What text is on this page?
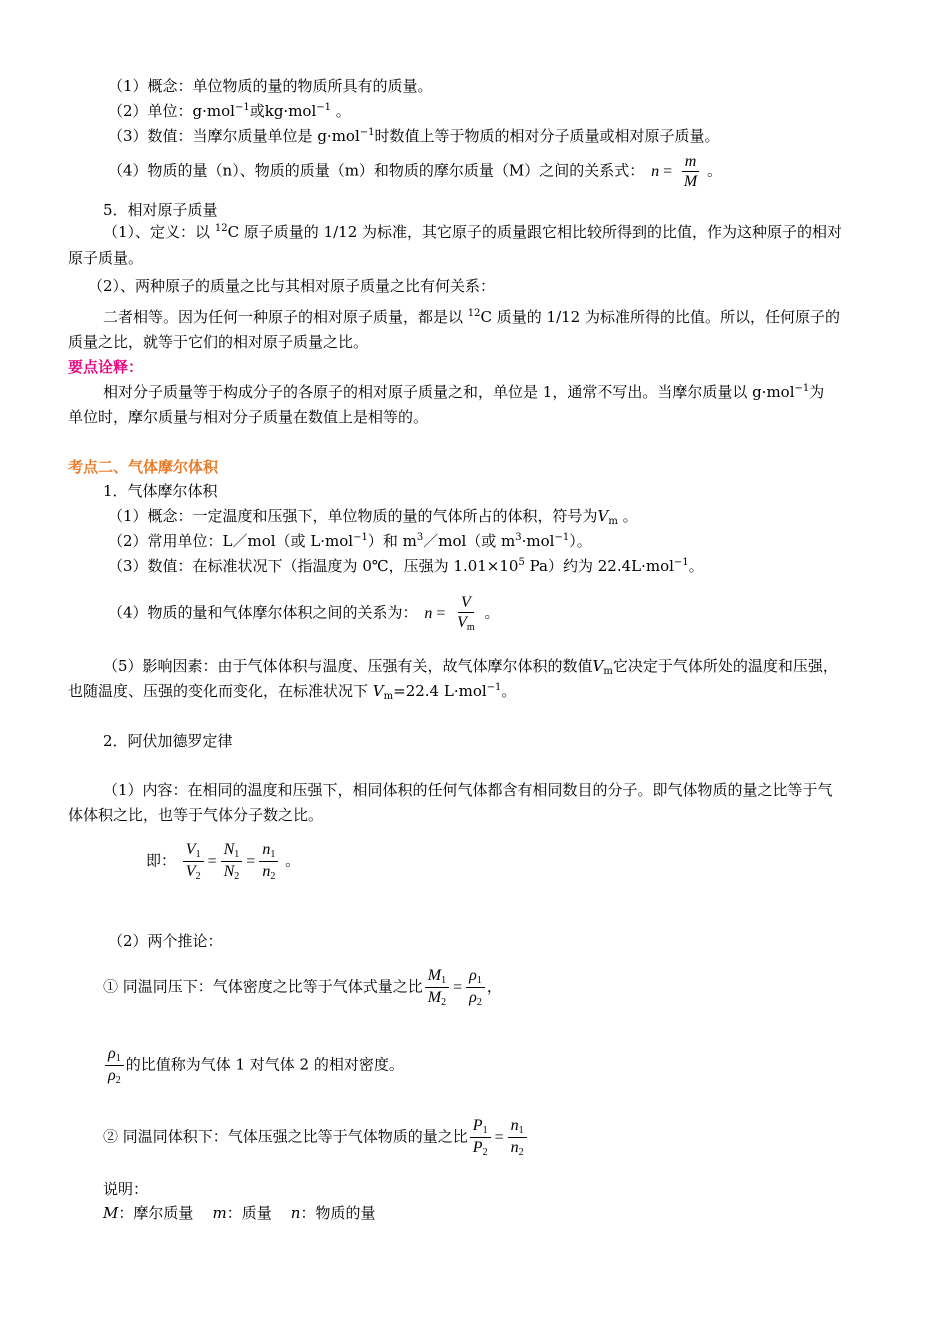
（1）概念：单位物质的量的物质所具有的质量。
（2）单位：g·mol$^{-1}$或kg·mol$^{-1}$ 。
（3）数值：当摩尔质量单位是 g·mol$^{-1}$时数值上等于物质的相对分子质量或相对原子质量。
（4）物质的量（n）、物质的质量（m）和物质的摩尔质量（M）之间的关系式： $n = \frac{m}{M}$ 。
5．相对原子质量
（1）、定义：以 $^{12}$C 原子质量的 1/12 为标准，其它原子的质量跟它相比较所得到的比值，作为这种原子的相对
原子质量。
（2）、两种原子的质量之比与其相对原子质量之比有何关系：
二者相等。因为任何一种原子的相对原子质量，都是以 $^{12}$C 质量的 1/12 为标准所得的比值。所以，任何原子的
质量之比，就等于它们的相对原子质量之比。
要点诠释：
相对分子质量等于构成分子的各原子的相对原子质量之和，单位是 1，通常不写出。当摩尔质量以 g·mol$^{-1}$为
单位时，摩尔质量与相对分子质量在数值上是相等的。
考点二、气体摩尔体积
1．气体摩尔体积
（1）概念：一定温度和压强下，单位物质的量的气体所占的体积，符号为$V_m$ 。
（2）常用单位：L／mol（或 L·mol$^{-1}$）和 $m^3/mol$（或 $m^3\cdot mol^{-1}$）。
（3）数值：在标准状况下（指温度为 0℃，压强为 $1.01\times 10^5$ Pa）约为 22.4L·mol$^{-1}$。
（4）物质的量和气体摩尔体积之间的关系为： $n = \frac{V}{Vm}$ 。
（5）影响因素：由于气体体积与温度、压强有关，故气体摩尔体积的数值$V_m$它决定于气体所处的温度和压强，
也随温度、压强的变化而变化，在标准状况下 $V_m=22.4$ L·mol$^{-1}$。
2．阿伏加德罗定律
（1）内容：在相同的温度和压强下，相同体积的任何气体都含有相同数目的分子。即气体物质的量之比等于气
体体积之比，也等于气体分子数之比。
即： $\frac{V1}{V2} = \frac{N1}{N2} = \frac{n1}{n2}$ 。
（2）两个推论：
① 同温同压下：气体密度之比等于气体式量之比 $\frac{M1}{M2} = \frac{\rho 1}{\rho 2}$ ，
$\frac{\rho 1}{\rho 2}$ 的比值称为气体 1 对气体 2 的相对密度。
② 同温同体积下：气体压强之比等于气体物质的量之比 $\frac{P1}{P2} = \frac{n1}{n2}$
说明：
M：摩尔质量 m：质量 n：物质的量
